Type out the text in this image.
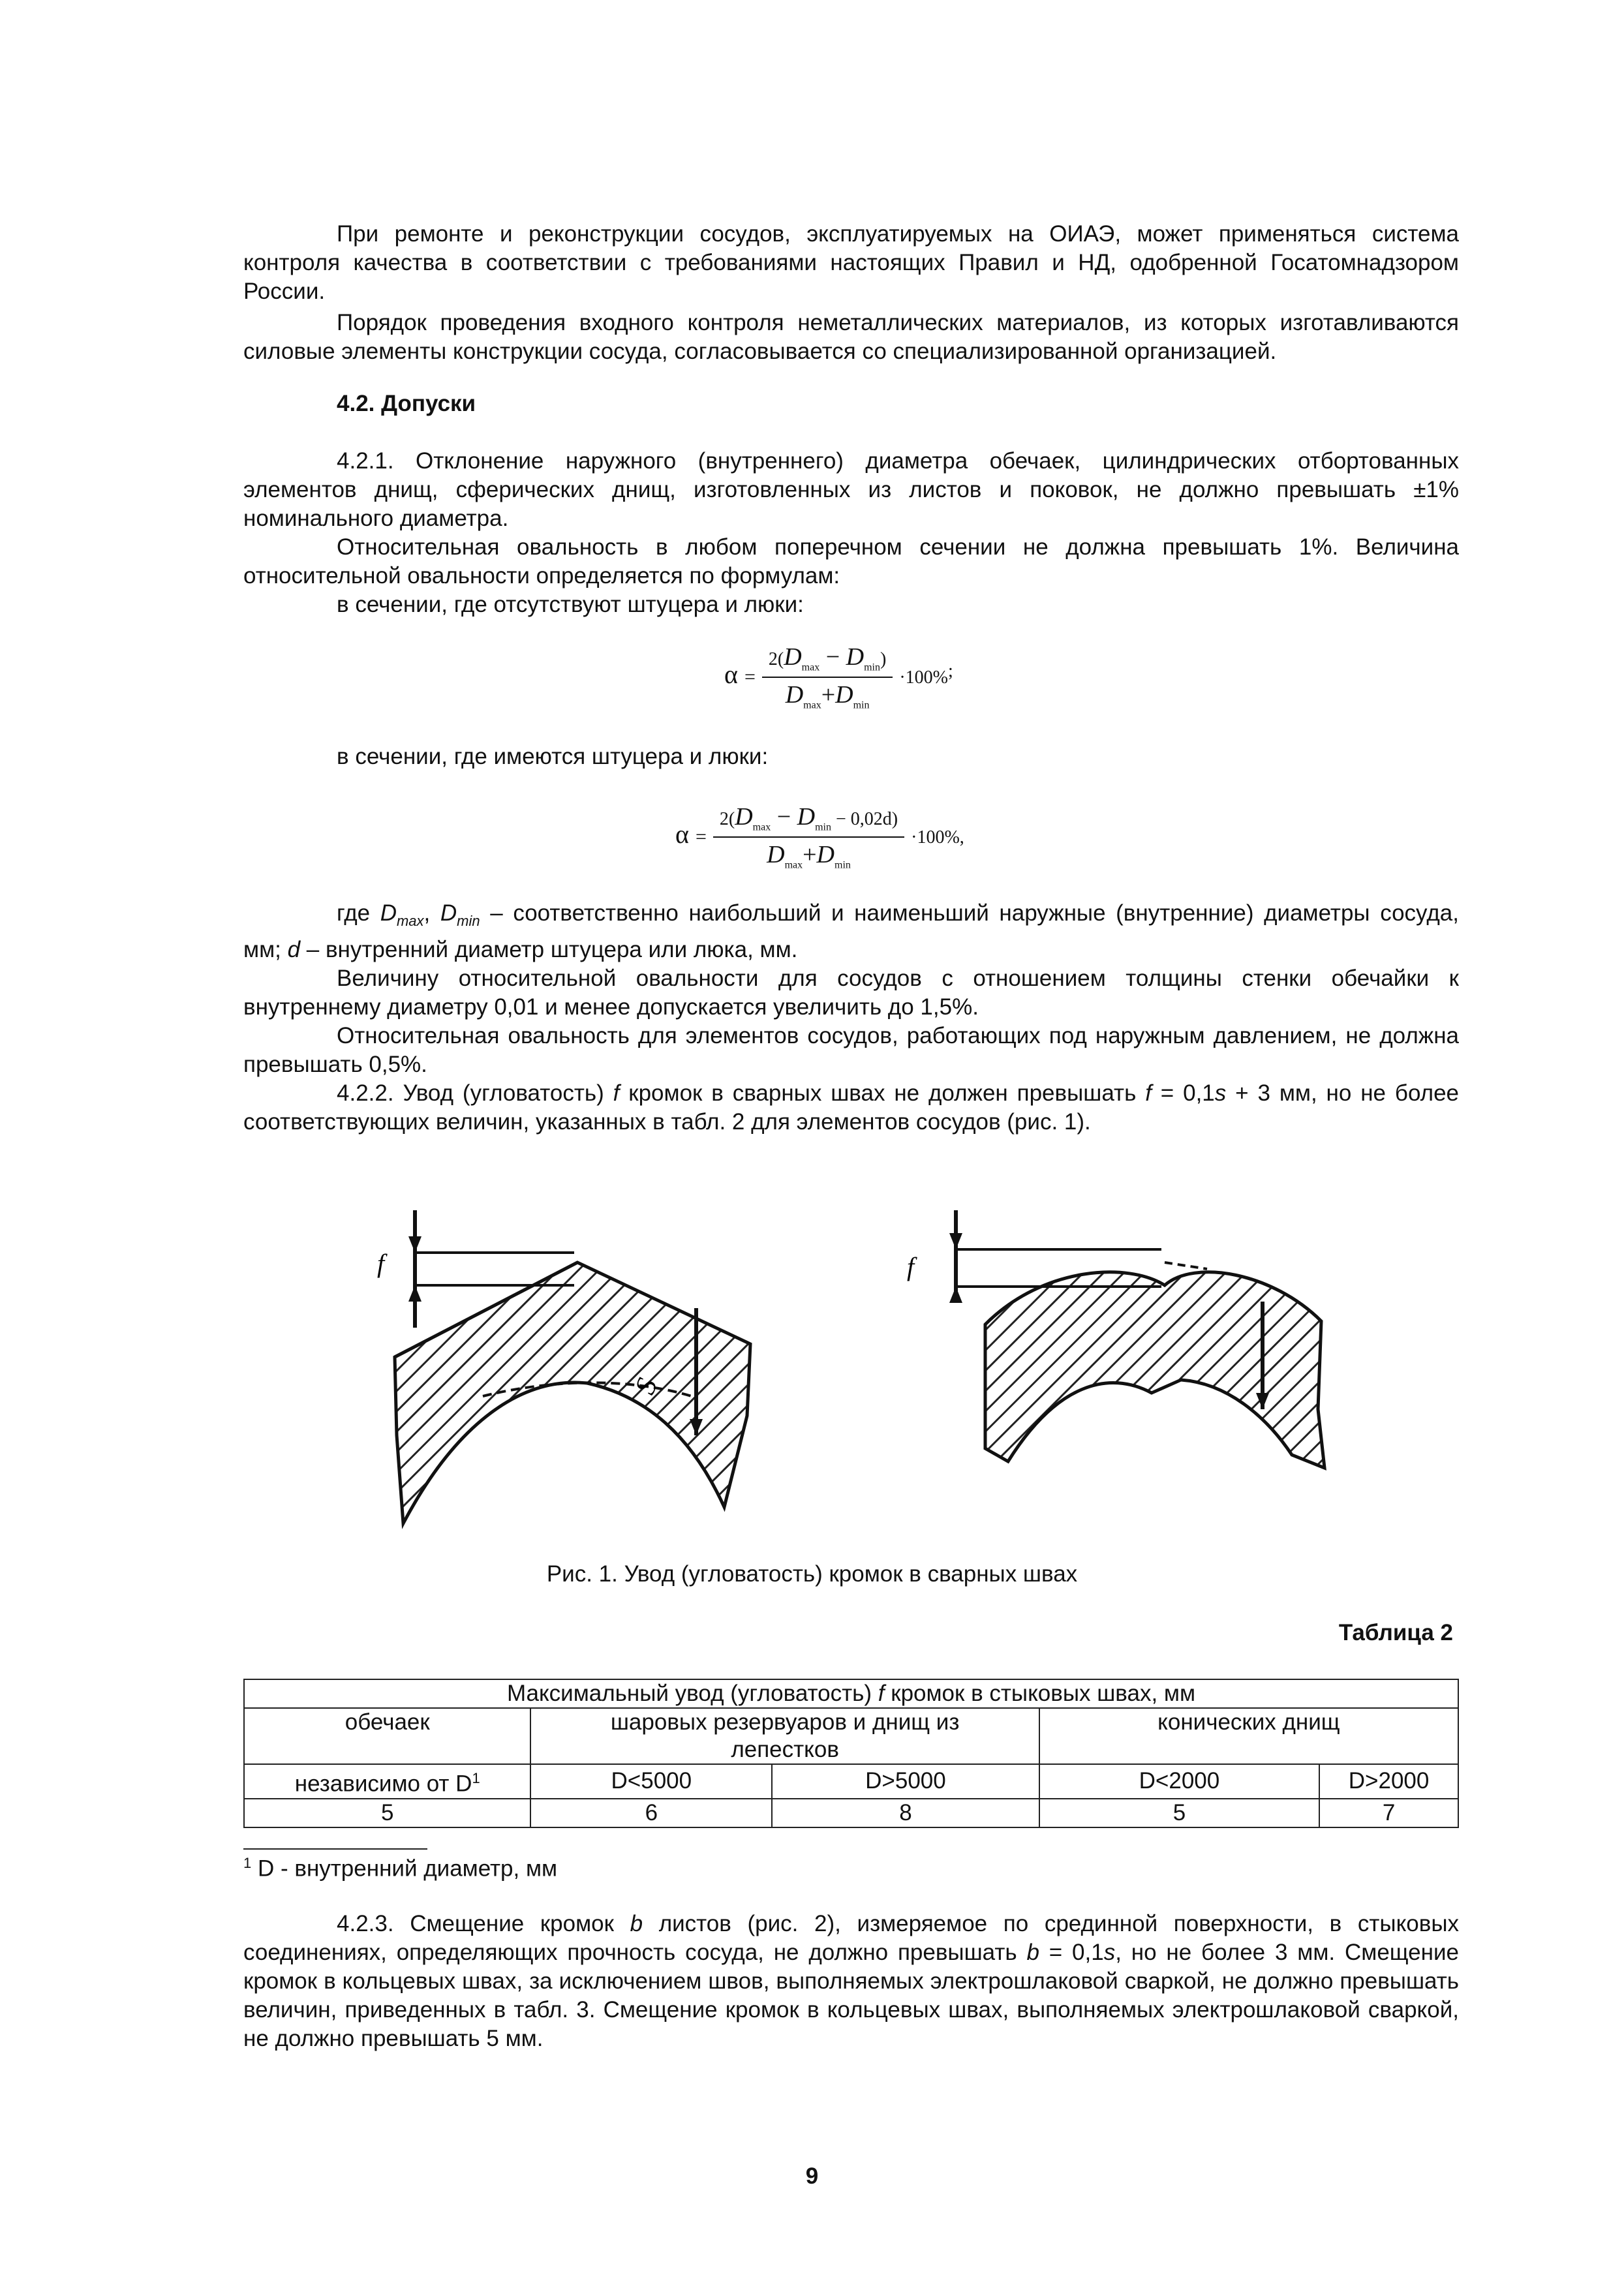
При ремонте и реконструкции сосудов, эксплуатируемых на ОИАЭ, может применяться система контроля качества в соответствии с требованиями настоящих Правил и НД, одобренной Госатомнадзором России.

Порядок проведения входного контроля неметаллических материалов, из которых изготавливаются силовые элементы конструкции сосуда, согласовывается со специализированной организацией.

4.2. Допуски

4.2.1. Отклонение наружного (внутреннего) диаметра обечаек, цилиндрических отбортованных элементов днищ, сферических днищ, изготовленных из листов и поковок, не должно превышать ±1% номинального диаметра.

Относительная овальность в любом поперечном сечении не должна превышать 1%. Величина относительной овальности определяется по формулам:

в сечении, где отсутствуют штуцера и люки:

$\alpha = \frac{2(D_{max} - D_{min})}{D_{max}+D_{min}} \cdot 100\%^;$
в сечении, где имеются штуцера и люки:
$\alpha = \frac{2(D_{max} - D_{min} - 0,02d)}{D_{max}+D_{min}} \cdot 100\%$,

где $D_{max}$, $D_{min}$ – соответственно наибольший и наименьший наружные (внутренние) диаметры сосуда, мм; d – внутренний диаметр штуцера или люка, мм.

Величину относительной овальности для сосудов с отношением толщины стенки обечайки к внутреннему диаметру 0,01 и менее допускается увеличить до 1,5%.

Относительная овальность для элементов сосудов, работающих под наружным давлением, не должна превышать 0,5%.

4.2.2. Увод (угловатость) f кромок в сварных швах не должен превышать f = 0,1s + 3 мм, но не более соответствующих величин, указанных в табл. 2 для элементов сосудов (рис. 1).

f
S
f
Рис. 1. Увод (угловатость) кромок в сварных швах
Таблица 2
Максимальный увод (угловатость) f кромок в стыковых швах, мм				
обечаек	шаровых резервуаров и днищ из лепестков		конических днищ	
независимо от $D^1$	D<5000	D>5000	D<2000	D>2000
5	6	8	5	7
$^1$ D - внутренний диаметр, мм

4.2.3. Смещение кромок b листов (рис. 2), измеряемое по срединной поверхности, в стыковых соединениях, определяющих прочность сосуда, не должно превышать b = 0,1s, но не более 3 мм. Смещение кромок в кольцевых швах, за исключением швов, выполняемых электрошлаковой сваркой, не должно превышать величин, приведенных в табл. 3. Смещение кромок в кольцевых швах, выполняемых электрошлаковой сваркой, не должно превышать 5 мм.

9
